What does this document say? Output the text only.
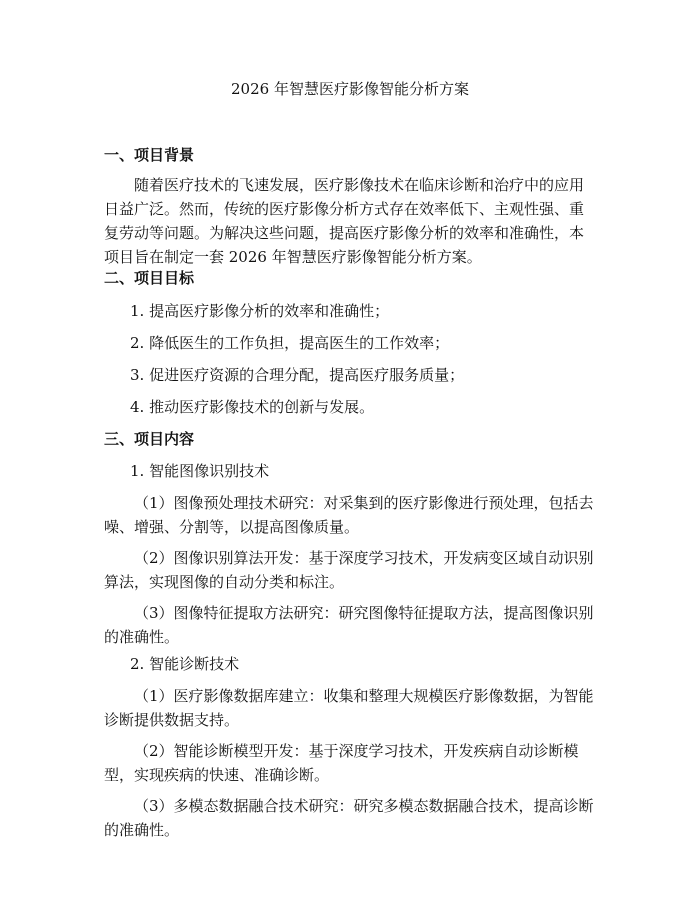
2026 年智慧医疗影像智能分析方案
一、项目背景
随着医疗技术的飞速发展，医疗影像技术在临床诊断和治疗中的应用日益广泛。然而，传统的医疗影像分析方式存在效率低下、主观性强、重复劳动等问题。为解决这些问题，提高医疗影像分析的效率和准确性，本项目旨在制定一套 2026 年智慧医疗影像智能分析方案。
二、项目目标
1. 提高医疗影像分析的效率和准确性；
2. 降低医生的工作负担，提高医生的工作效率；
3. 促进医疗资源的合理分配，提高医疗服务质量；
4. 推动医疗影像技术的创新与发展。
三、项目内容
1. 智能图像识别技术
（1）图像预处理技术研究：对采集到的医疗影像进行预处理，包括去噪、增强、分割等，以提高图像质量。
（2）图像识别算法开发：基于深度学习技术，开发病变区域自动识别算法，实现图像的自动分类和标注。
（3）图像特征提取方法研究：研究图像特征提取方法，提高图像识别的准确性。
2. 智能诊断技术
（1）医疗影像数据库建立：收集和整理大规模医疗影像数据，为智能诊断提供数据支持。
（2）智能诊断模型开发：基于深度学习技术，开发疾病自动诊断模型，实现疾病的快速、准确诊断。
（3）多模态数据融合技术研究：研究多模态数据融合技术，提高诊断的准确性。
